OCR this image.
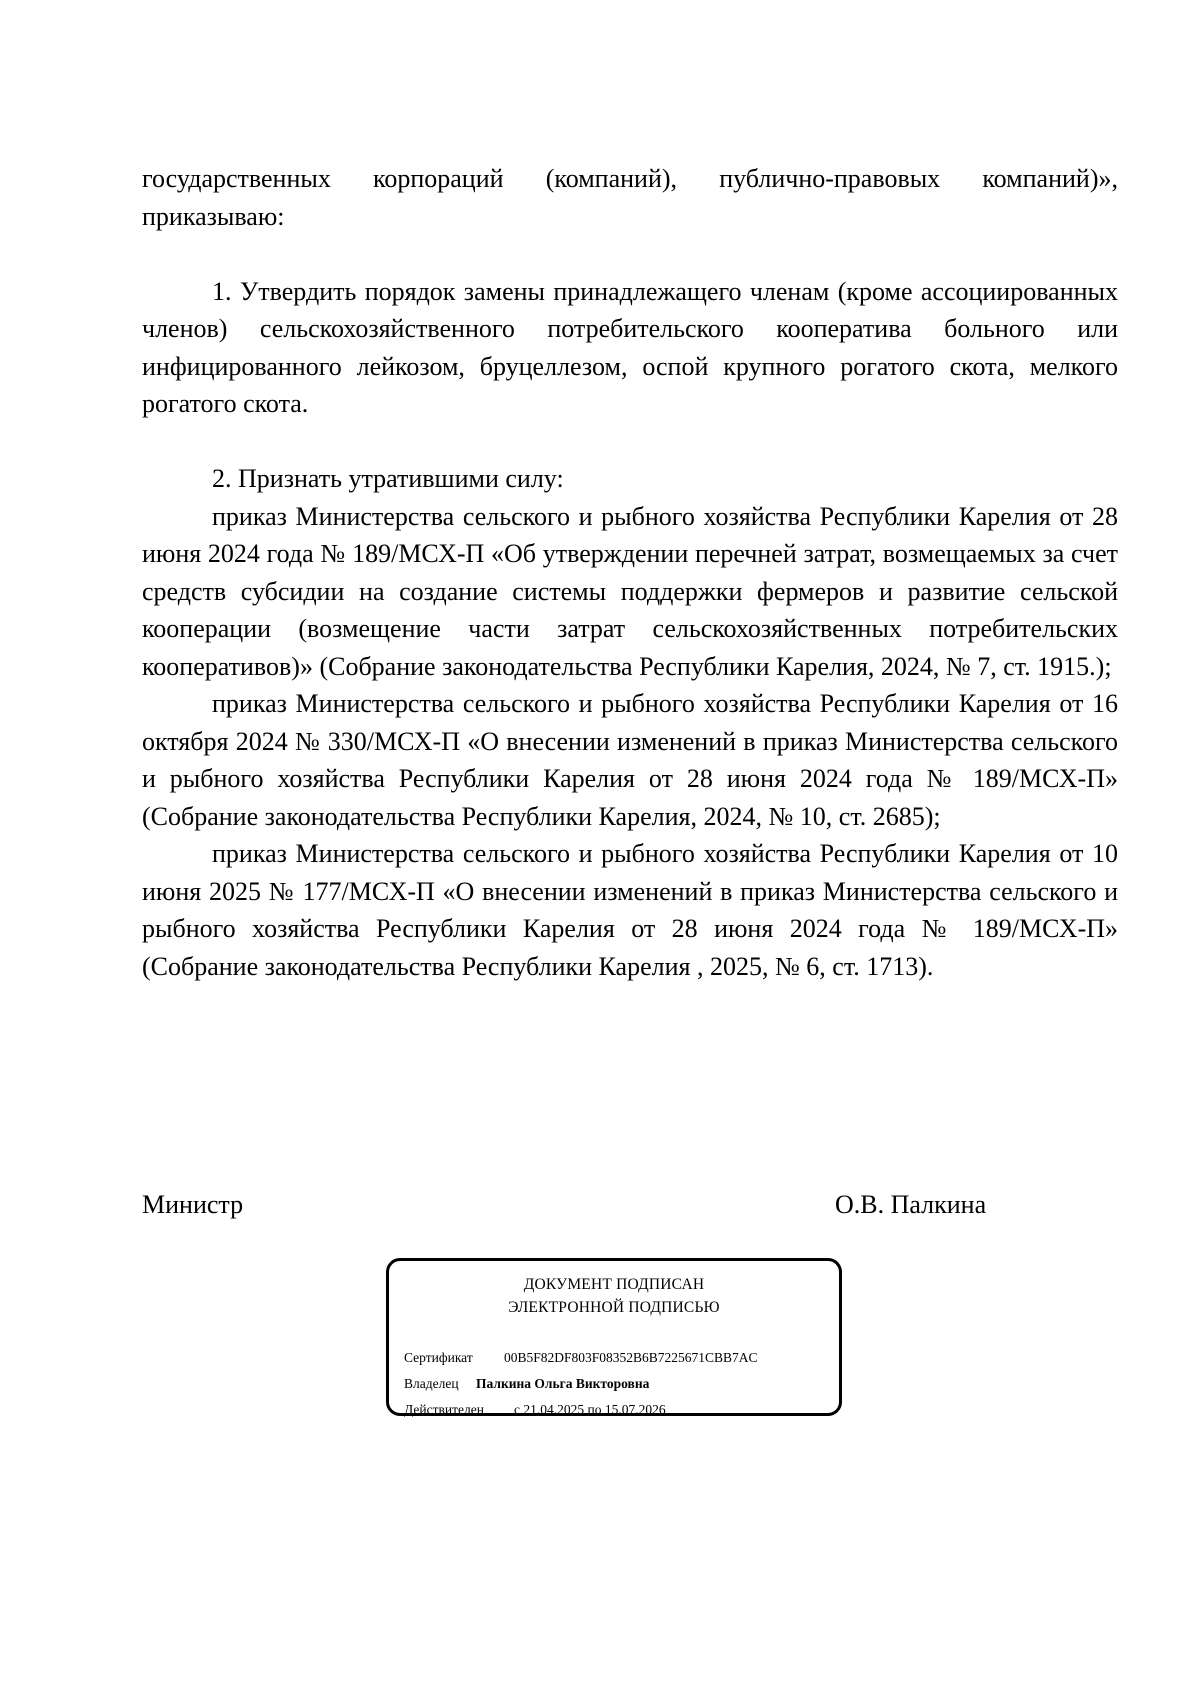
государственных корпораций (компаний), публично-правовых компаний)»,

приказываю:

1. Утвердить порядок замены принадлежащего членам (кроме ассоциированных членов) сельскохозяйственного потребительского кооператива больного или инфицированного лейкозом, бруцеллезом, оспой крупного рогатого скота, мелкого рогатого скота.

2. Признать утратившими силу:

приказ Министерства сельского и рыбного хозяйства Республики Карелия от 28 июня 2024 года № 189/МСХ-П «Об утверждении перечней затрат, возмещаемых за счет средств субсидии на создание системы поддержки фермеров и развитие сельской кооперации (возмещение части затрат сельскохозяйственных потребительских кооперативов)» (Собрание законодательства Республики Карелия, 2024, № 7, ст. 1915.);

приказ Министерства сельского и рыбного хозяйства Республики Карелия от 16 октября 2024 № 330/МСХ-П «О внесении изменений в приказ Министерства сельского и рыбного хозяйства Республики Карелия от 28 июня 2024 года № 189/МСХ-П» (Собрание законодательства Республики Карелия, 2024, № 10, ст. 2685);

приказ Министерства сельского и рыбного хозяйства Республики Карелия от 10 июня 2025 № 177/МСХ-П «О внесении изменений в приказ Министерства сельского и рыбного хозяйства Республики Карелия от 28 июня 2024 года № 189/МСХ-П» (Собрание законодательства Республики Карелия , 2025, № 6, ст. 1713).

Министр	О.В. Палкина
ДОКУМЕНТ ПОДПИСАН
ЭЛЕКТРОННОЙ ПОДПИСЬЮ
Сертификат 00B5F82DF803F08352B6B7225671CBB7AC
Владелец Палкина Ольга Викторовна
Действителен с 21.04.2025 по 15.07.2026
